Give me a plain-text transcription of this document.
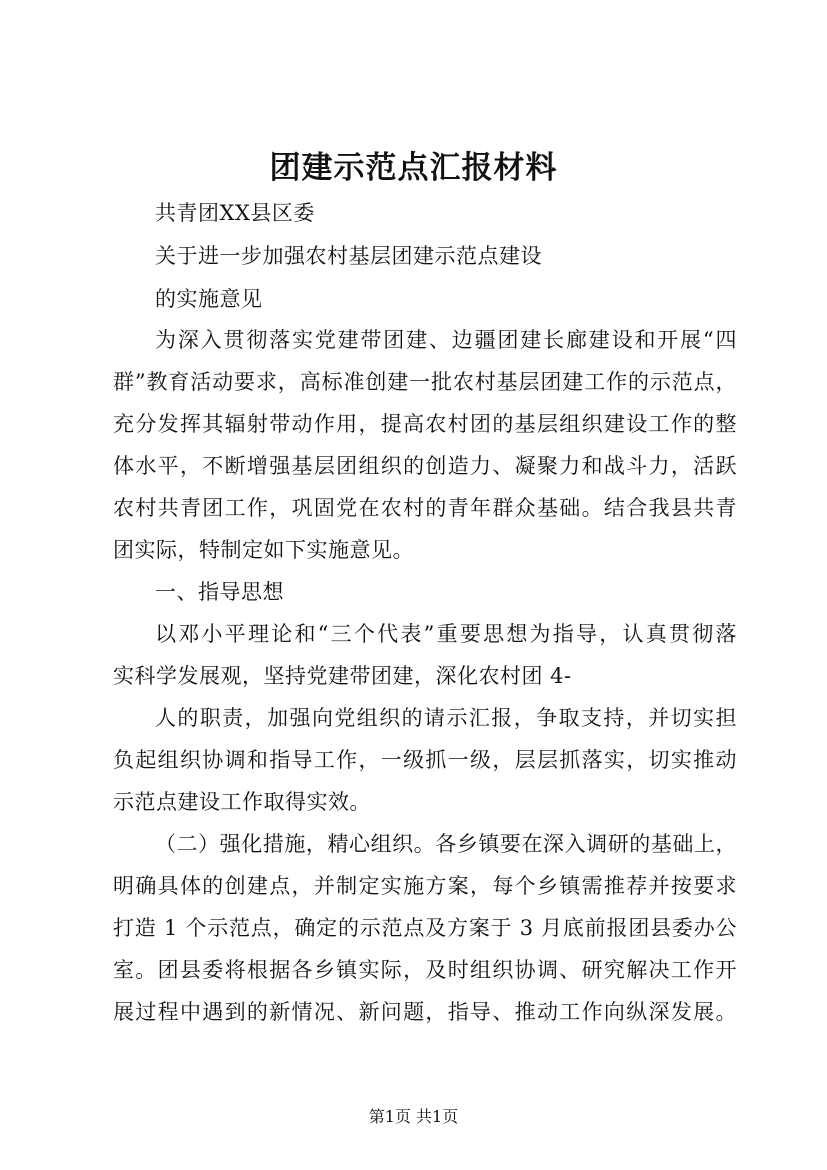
团建示范点汇报材料
共青团XX县区委
关于进一步加强农村基层团建示范点建设
的实施意见
为深入贯彻落实党建带团建、边疆团建长廊建设和开展“四
群”教育活动要求，高标准创建一批农村基层团建工作的示范点，
充分发挥其辐射带动作用，提高农村团的基层组织建设工作的整
体水平，不断增强基层团组织的创造力、凝聚力和战斗力，活跃
农村共青团工作，巩固党在农村的青年群众基础。结合我县共青
团实际，特制定如下实施意见。
一、指导思想
以邓小平理论和“三个代表”重要思想为指导，认真贯彻落
实科学发展观，坚持党建带团建，深化农村团 4-
人的职责，加强向党组织的请示汇报，争取支持，并切实担
负起组织协调和指导工作，一级抓一级，层层抓落实，切实推动
示范点建设工作取得实效。
（二）强化措施，精心组织。各乡镇要在深入调研的基础上，
明确具体的创建点，并制定实施方案，每个乡镇需推荐并按要求
打造 1 个示范点，确定的示范点及方案于 3 月底前报团县委办公
室。团县委将根据各乡镇实际，及时组织协调、研究解决工作开
展过程中遇到的新情况、新问题，指导、推动工作向纵深发展。
第1页 共1页
